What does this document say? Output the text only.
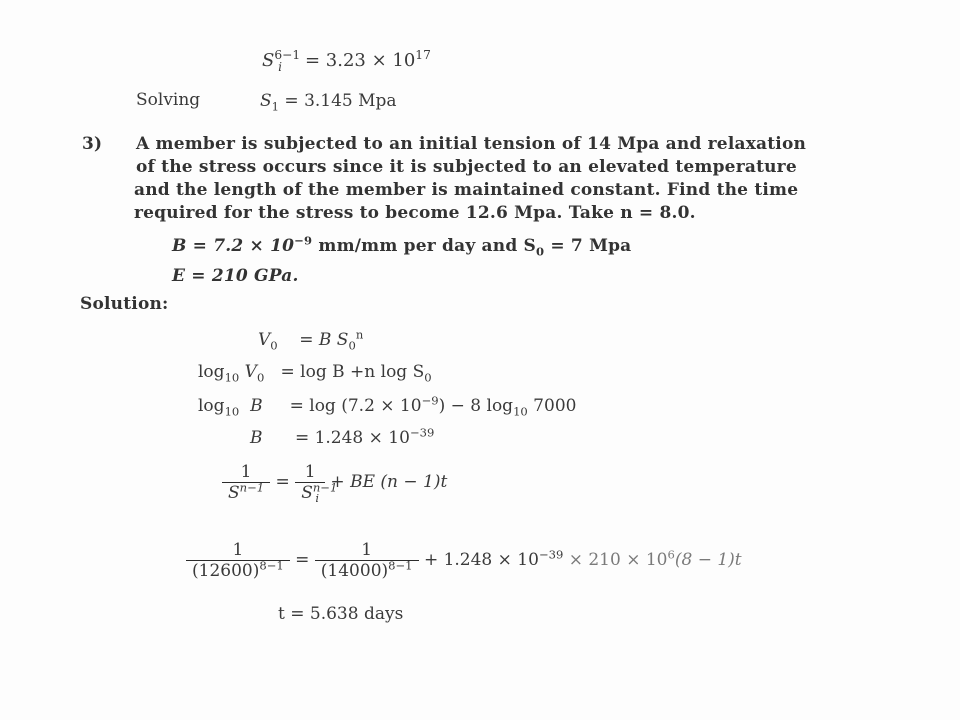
$S^{6-1}_i = 3.23 \times 10^{17}$
Solving	$S_1 = 3.145$ Mpa
3) A member is subjected to an initial tension of 14 Mpa and relaxation
of the stress occurs since it is subjected to an elevated temperature
and the length of the member is maintained constant. Find the time
required for the stress to become 12.6 Mpa. Take n = 8.0.
$B = 7.2 \times 10^{-9}$ mm/mm per day and $S_0 = 7$ Mpa
E = 210 GPa.
Solution:
$V_0 = B$ $S_0^n$
$\log_{10} V_0 = \log B +n$ $\log S_0$
$\log_{10} B = \log (7.2 \times 10^{-9}) - 8$ $\log_{10} 7000$
$B = 1.248 \times 10^{-39}$
$\frac{1}{S^{n-1}} = \frac{1}{S^{n-1}_i}$ + BE (n − 1)t
$\frac{1}{(12600)^{8-1}} = \frac{1}{(14000)^{8-1}} + 1.248 \times 10^{-39} \times 210 \times 10^6(8 - 1)t$
t = 5.638 days
